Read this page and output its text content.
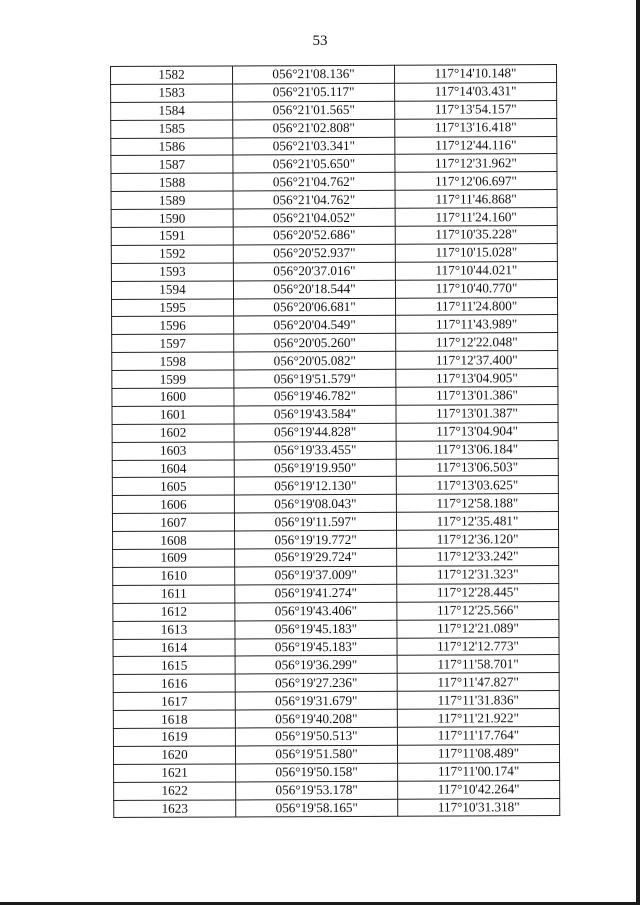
53
1582	056°21'08.136"	117°14'10.148"
1583	056°21'05.117"	117°14'03.431"
1584	056°21'01.565"	117°13'54.157"
1585	056°21'02.808"	117°13'16.418"
1586	056°21'03.341"	117°12'44.116"
1587	056°21'05.650"	117°12'31.962"
1588	056°21'04.762"	117°12'06.697"
1589	056°21'04.762"	117°11'46.868"
1590	056°21'04.052"	117°11'24.160"
1591	056°20'52.686"	117°10'35.228"
1592	056°20'52.937"	117°10'15.028"
1593	056°20'37.016"	117°10'44.021"
1594	056°20'18.544"	117°10'40.770"
1595	056°20'06.681"	117°11'24.800"
1596	056°20'04.549"	117°11'43.989"
1597	056°20'05.260"	117°12'22.048"
1598	056°20'05.082"	117°12'37.400"
1599	056°19'51.579"	117°13'04.905"
1600	056°19'46.782"	117°13'01.386"
1601	056°19'43.584"	117°13'01.387"
1602	056°19'44.828"	117°13'04.904"
1603	056°19'33.455"	117°13'06.184"
1604	056°19'19.950"	117°13'06.503"
1605	056°19'12.130"	117°13'03.625"
1606	056°19'08.043"	117°12'58.188"
1607	056°19'11.597"	117°12'35.481"
1608	056°19'19.772"	117°12'36.120"
1609	056°19'29.724"	117°12'33.242"
1610	056°19'37.009"	117°12'31.323"
1611	056°19'41.274"	117°12'28.445"
1612	056°19'43.406"	117°12'25.566"
1613	056°19'45.183"	117°12'21.089"
1614	056°19'45.183"	117°12'12.773"
1615	056°19'36.299"	117°11'58.701"
1616	056°19'27.236"	117°11'47.827"
1617	056°19'31.679"	117°11'31.836"
1618	056°19'40.208"	117°11'21.922"
1619	056°19'50.513"	117°11'17.764"
1620	056°19'51.580"	117°11'08.489"
1621	056°19'50.158"	117°11'00.174"
1622	056°19'53.178"	117°10'42.264"
1623	056°19'58.165"	117°10'31.318"
